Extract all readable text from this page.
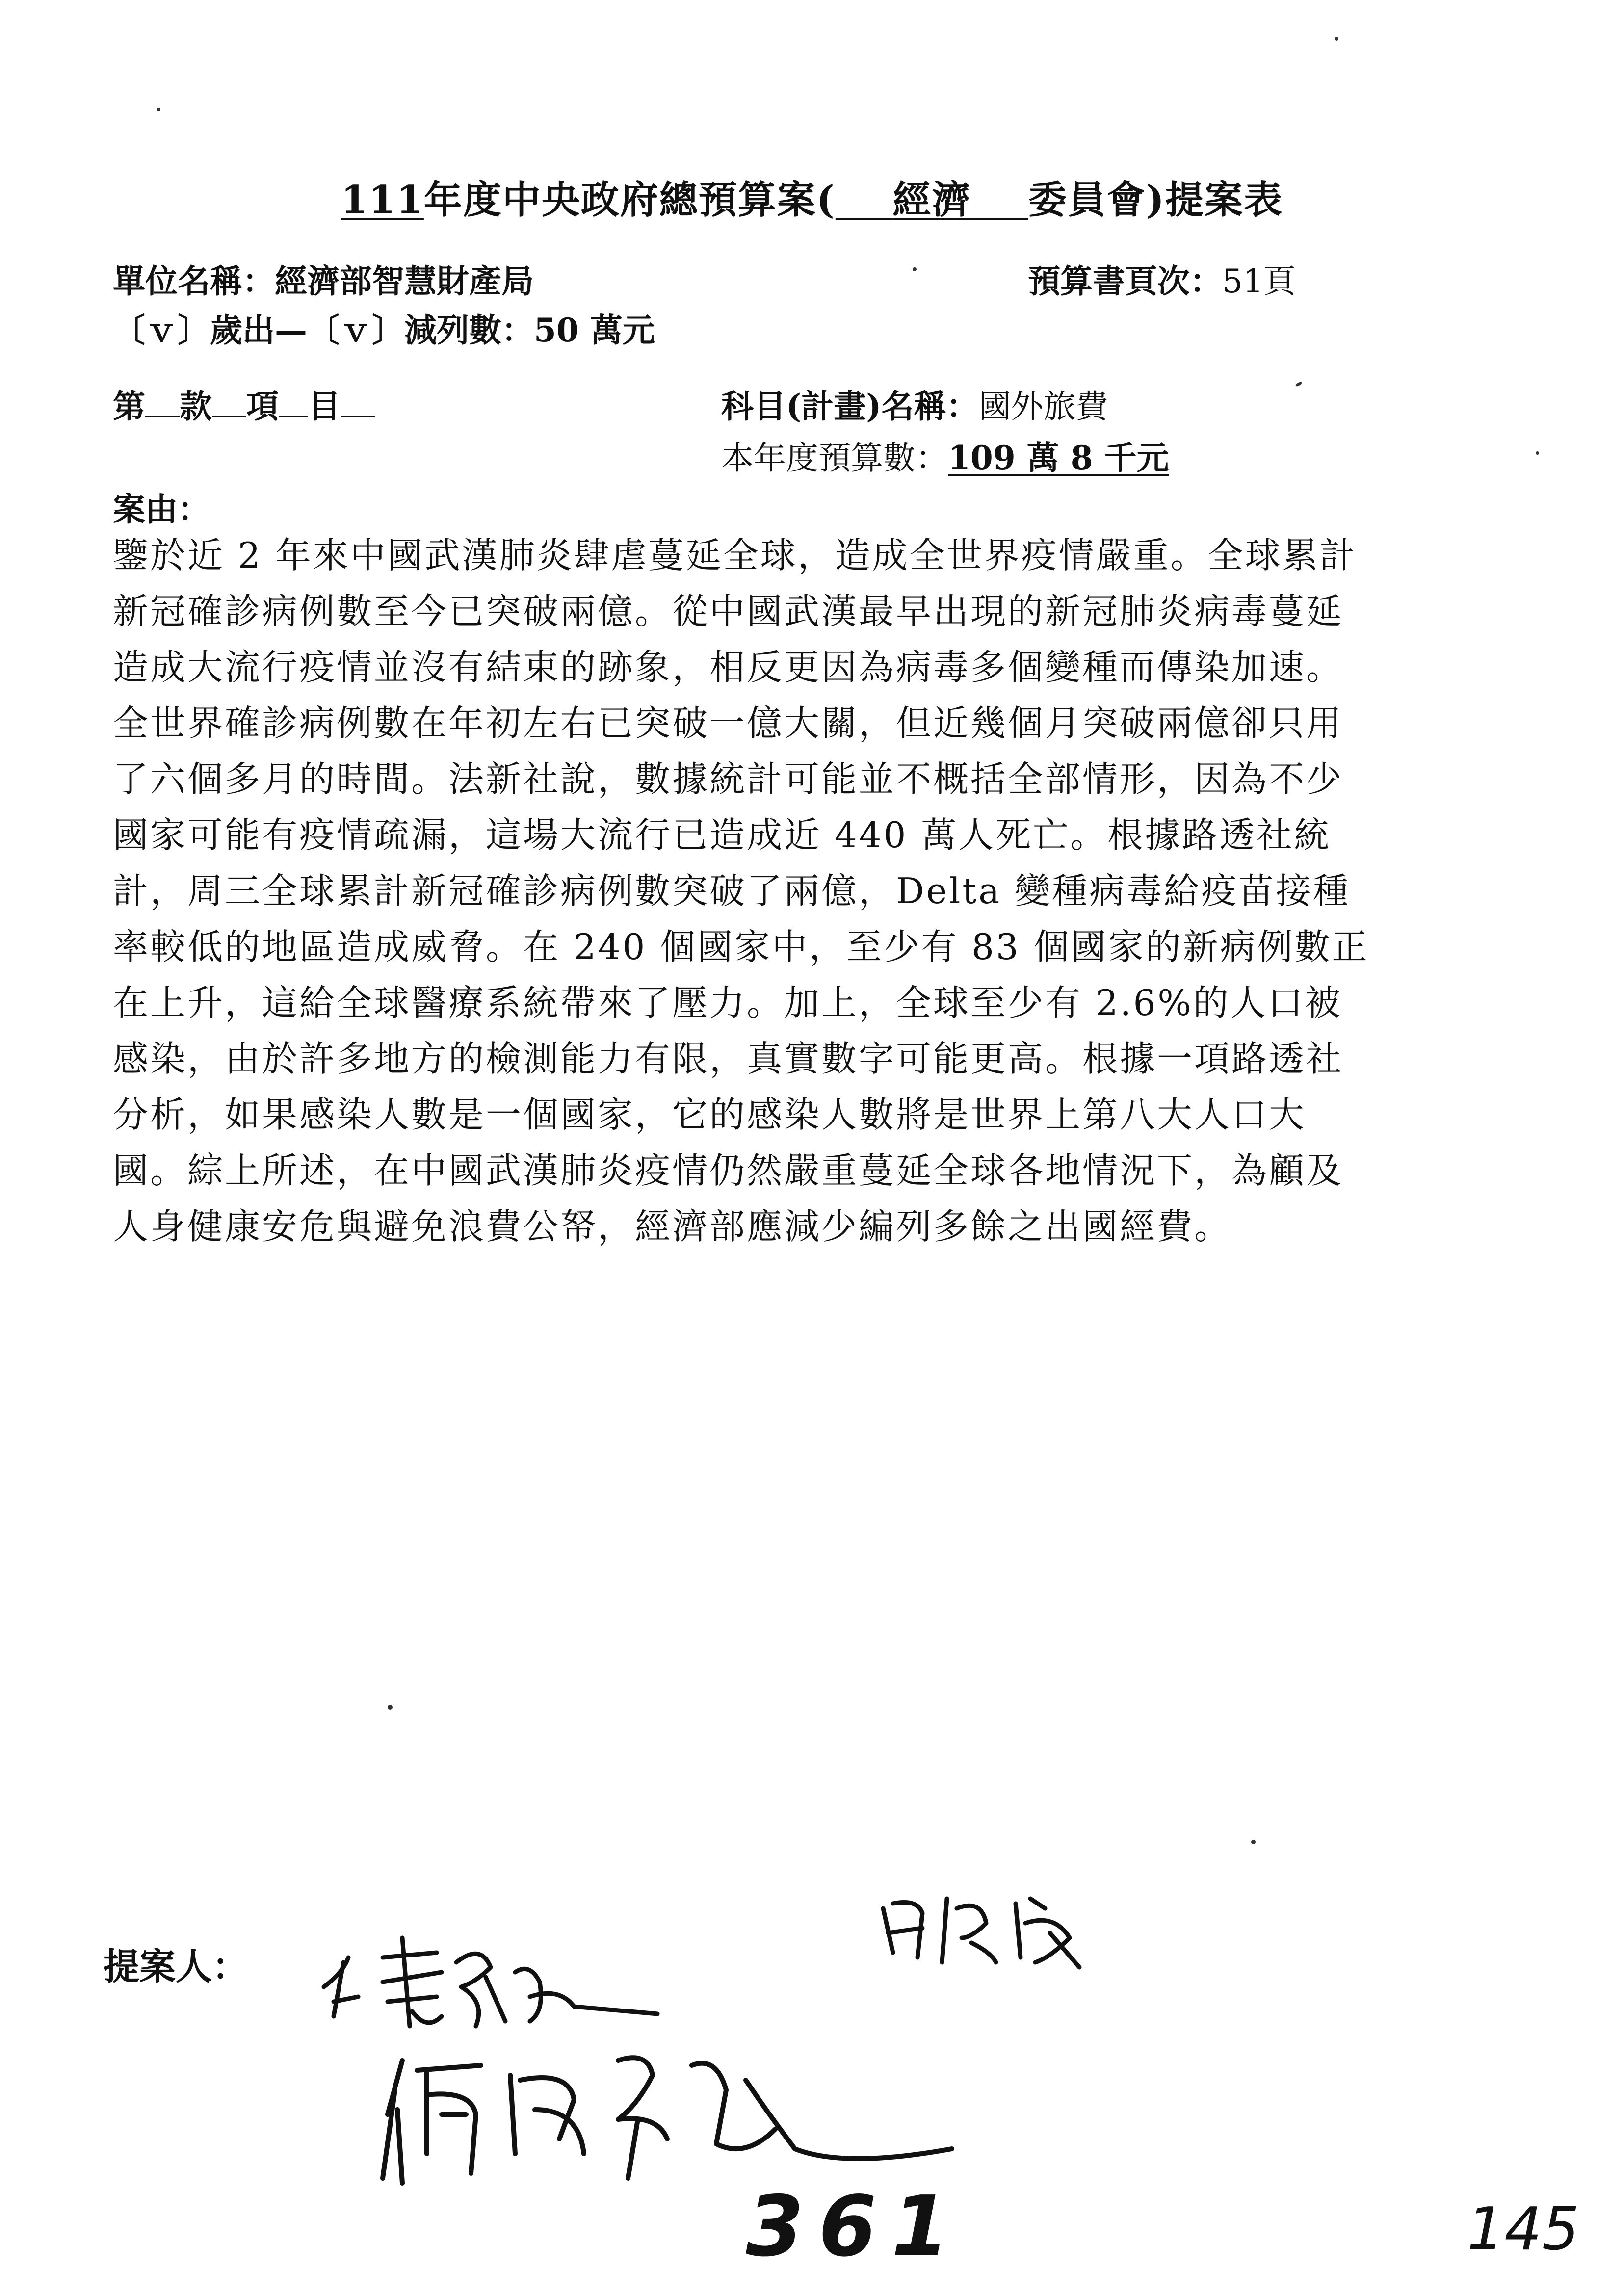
111年度中央政府總預算案( 經濟 委員會)提案表
單位名稱：經濟部智慧財產局	預算書頁次：51頁
〔ｖ〕歲出—〔ｖ〕減列數：50 萬元
第 款 項 目	科目(計畫)名稱：國外旅費
本年度預算數：109 萬 8 千元
案由：
鑒於近 2 年來中國武漢肺炎肆虐蔓延全球，造成全世界疫情嚴重。全球累計
新冠確診病例數至今已突破兩億。從中國武漢最早出現的新冠肺炎病毒蔓延
造成大流行疫情並沒有結束的跡象，相反更因為病毒多個變種而傳染加速。
全世界確診病例數在年初左右已突破一億大關，但近幾個月突破兩億卻只用
了六個多月的時間。法新社說，數據統計可能並不概括全部情形，因為不少
國家可能有疫情疏漏，這場大流行已造成近 440 萬人死亡。根據路透社統
計，周三全球累計新冠確診病例數突破了兩億，Delta 變種病毒給疫苗接種
率較低的地區造成威脅。在 240 個國家中，至少有 83 個國家的新病例數正
在上升，這給全球醫療系統帶來了壓力。加上，全球至少有 2.6%的人口被
感染，由於許多地方的檢測能力有限，真實數字可能更高。根據一項路透社
分析，如果感染人數是一個國家，它的感染人數將是世界上第八大人口大
國。綜上所述，在中國武漢肺炎疫情仍然嚴重蔓延全球各地情況下，為顧及
人身健康安危與避免浪費公帑，經濟部應減少編列多餘之出國經費。
提案人：
361	145
